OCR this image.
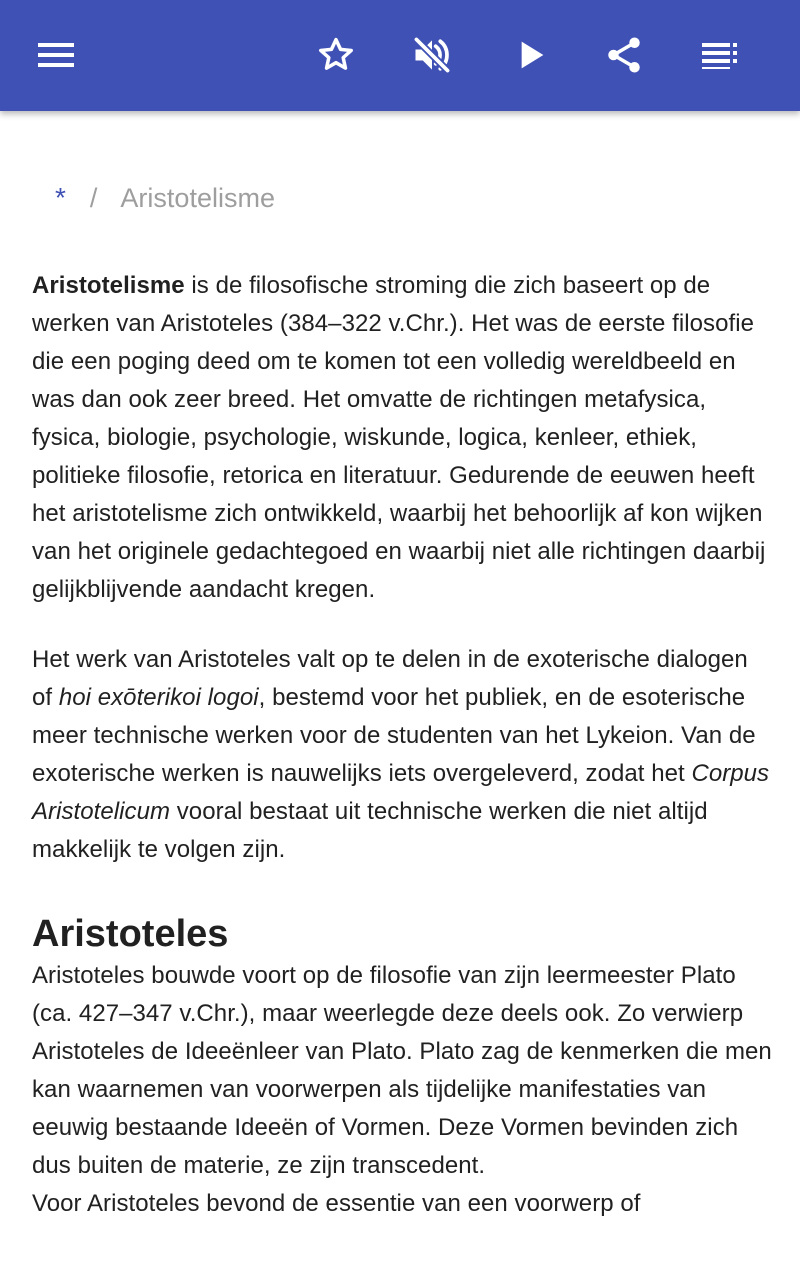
* / Aristotelisme

Aristotelisme is de filosofische stroming die zich baseert op de werken van Aristoteles (384–322 v.Chr.). Het was de eerste filosofie die een poging deed om te komen tot een volledig wereldbeeld en was dan ook zeer breed. Het omvatte de richtingen metafysica, fysica, biologie, psychologie, wiskunde, logica, kenleer, ethiek, politieke filosofie, retorica en literatuur. Gedurende de eeuwen heeft het aristotelisme zich ontwikkeld, waarbij het behoorlijk af kon wijken van het originele gedachtegoed en waarbij niet alle richtingen daarbij gelijkblijvende aandacht kregen.

Het werk van Aristoteles valt op te delen in de exoterische dialogen of hoi exōterikoi logoi, bestemd voor het publiek, en de esoterische meer technische werken voor de studenten van het Lykeion. Van de exoterische werken is nauwelijks iets overgeleverd, zodat het Corpus Aristotelicum vooral bestaat uit technische werken die niet altijd makkelijk te volgen zijn.

Aristoteles

Aristoteles bouwde voort op de filosofie van zijn leermeester Plato (ca. 427–347 v.Chr.), maar weerlegde deze deels ook. Zo verwierp Aristoteles de Ideeënleer van Plato. Plato zag de kenmerken die men kan waarnemen van voorwerpen als tijdelijke manifestaties van eeuwig bestaande Ideeën of Vormen. Deze Vormen bevinden zich dus buiten de materie, ze zijn transcedent.

Voor Aristoteles bevond de essentie van een voorwerp of
